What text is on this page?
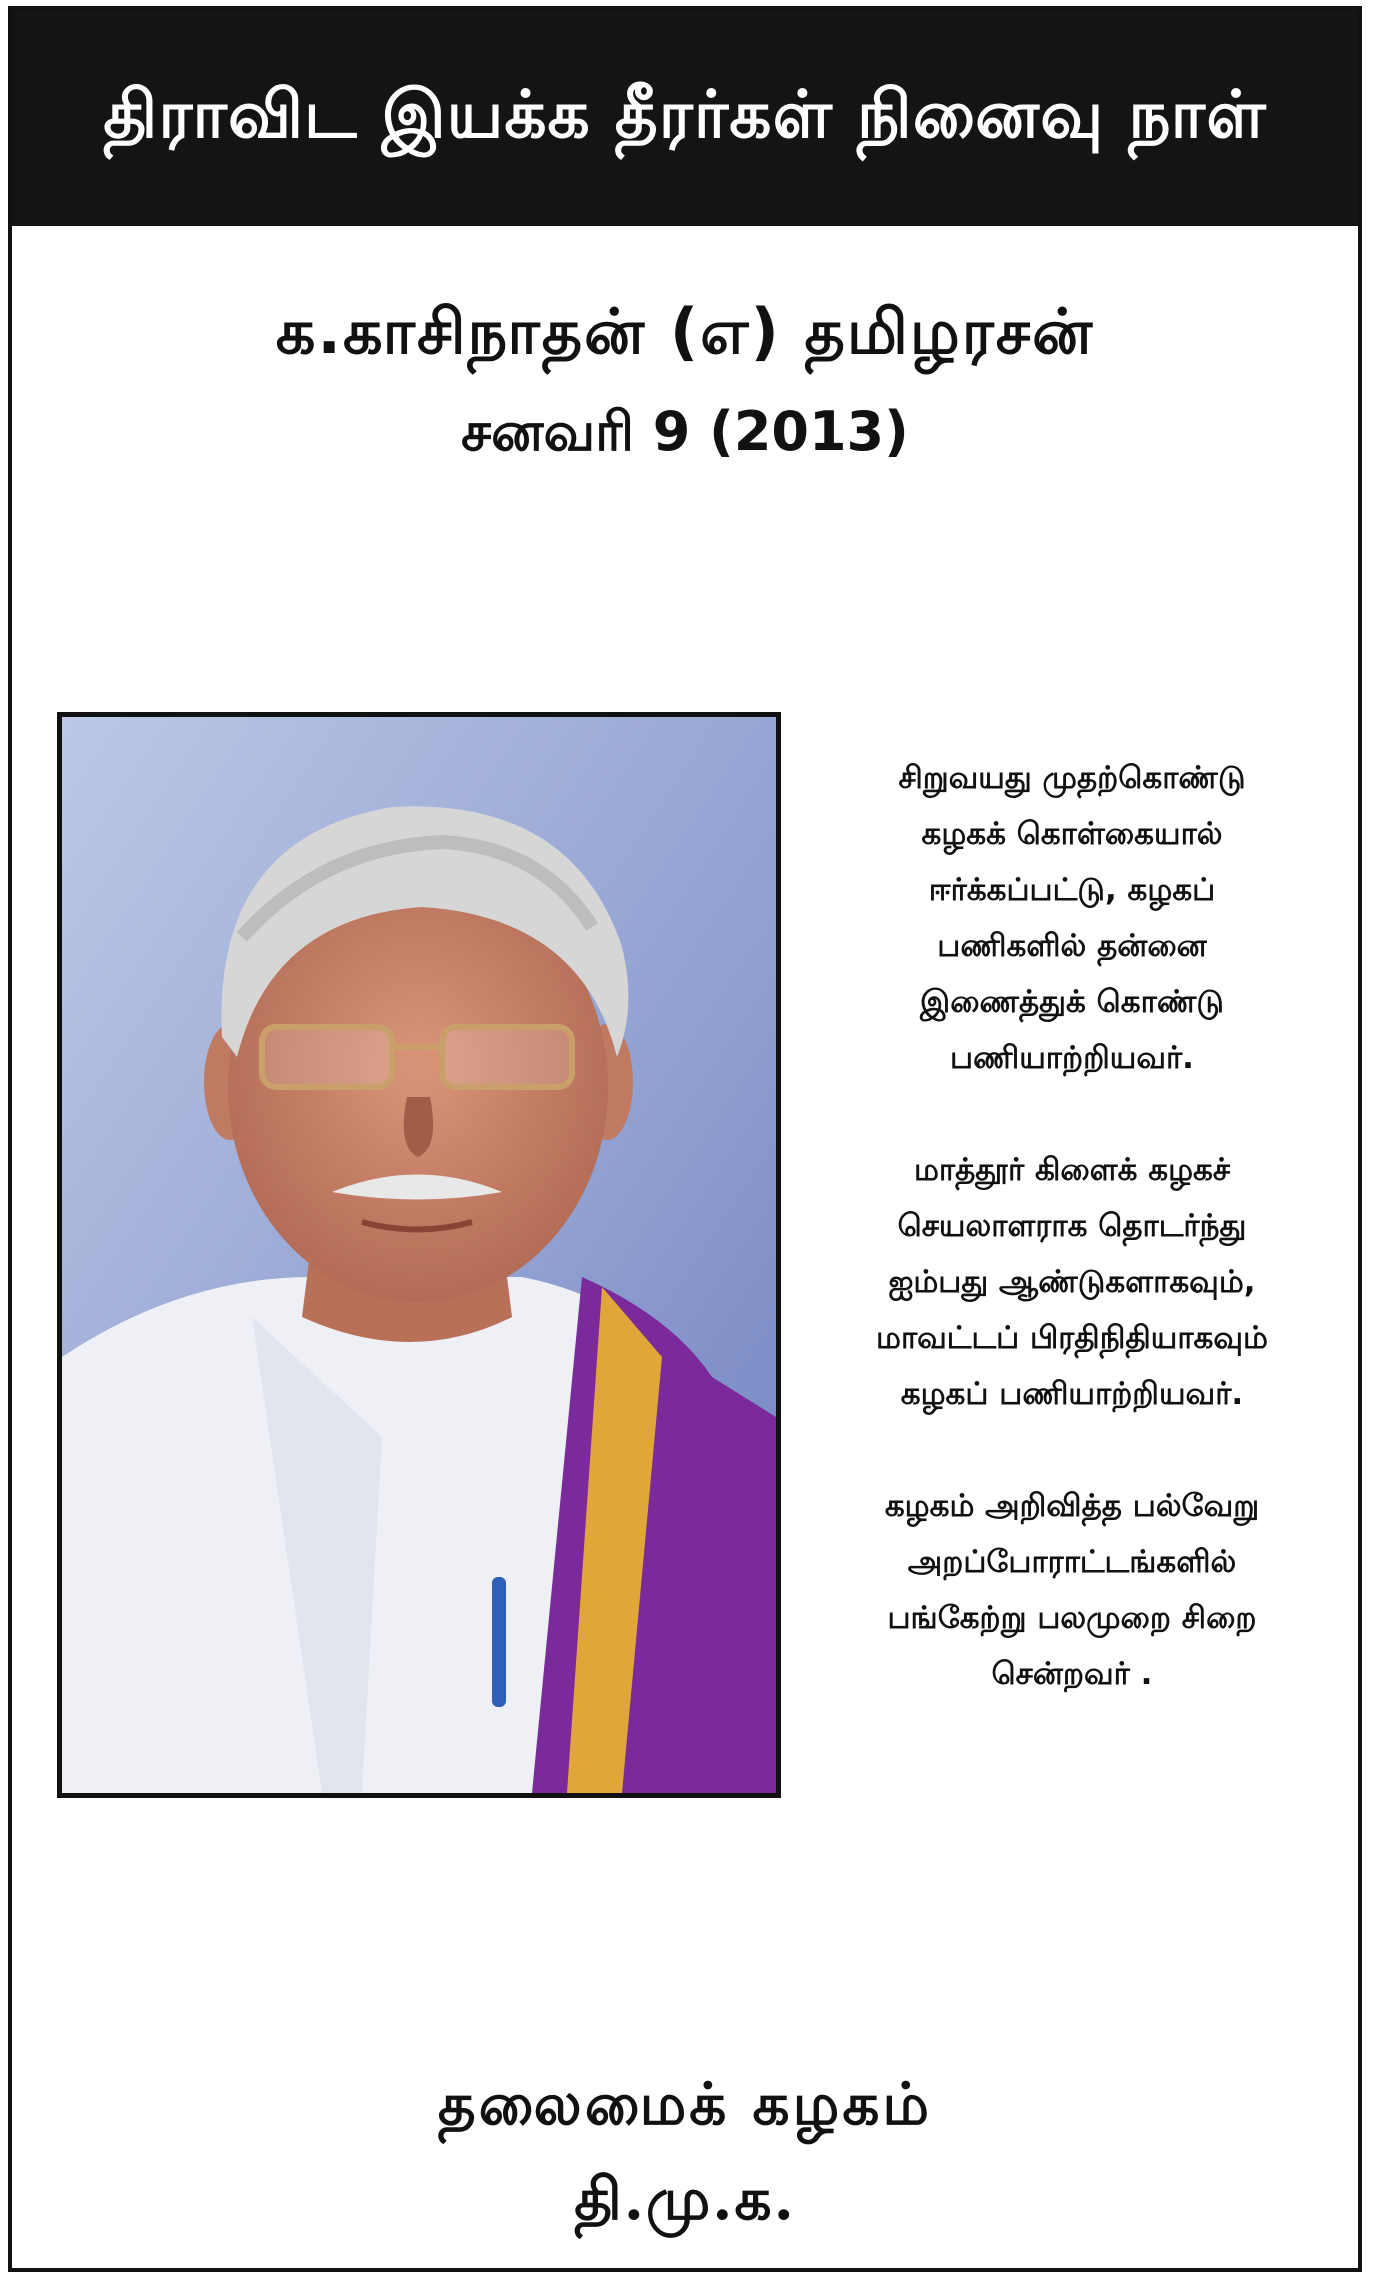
திராவிட இயக்க தீரர்கள் நினைவு நாள்
க.காசிநாதன் (எ) தமிழரசன்
சனவரி 9 (2013)

சிறுவயது முதற்கொண்டு
கழகக் கொள்கையால்
ஈர்க்கப்பட்டு, கழகப்
பணிகளில் தன்னை
இணைத்துக் கொண்டு
பணியாற்றியவர்.

மாத்தூர் கிளைக் கழகச்
செயலாளராக தொடர்ந்து
ஐம்பது ஆண்டுகளாகவும்,
மாவட்டப் பிரதிநிதியாகவும்
கழகப் பணியாற்றியவர்.

கழகம் அறிவித்த பல்வேறு
அறப்போராட்டங்களில்
பங்கேற்று பலமுறை சிறை
சென்றவர் .

தலைமைக் கழகம்
தி.மு.க.
